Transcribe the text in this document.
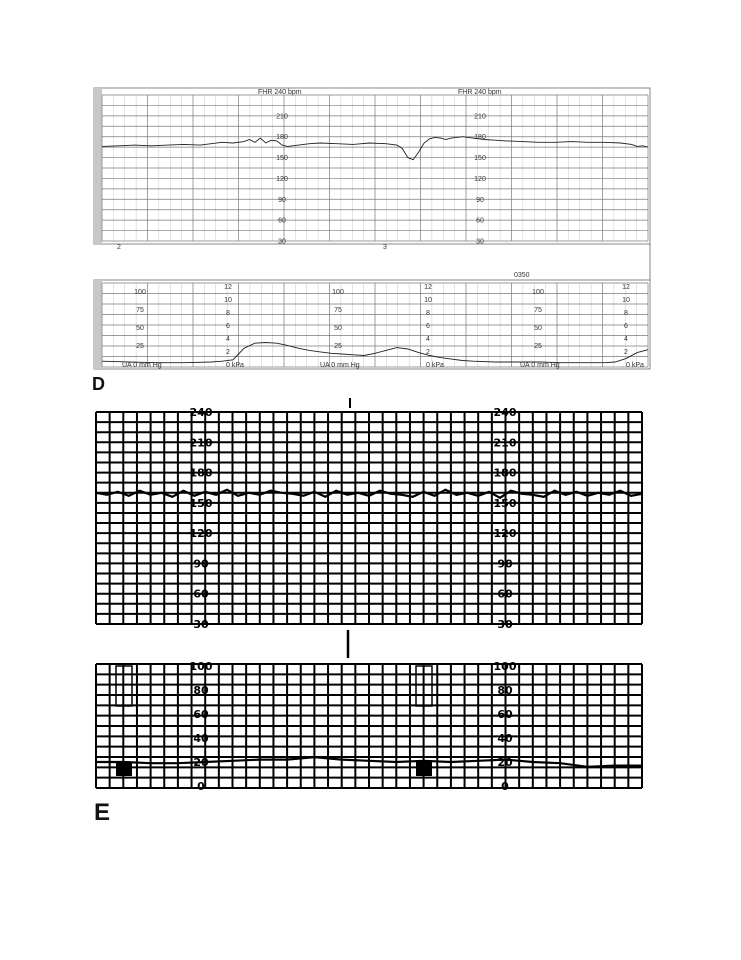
FHR 240 bpm	FHR 240 bpm
210
180
150
120
90
60
30
210
180
150
120
90
60
30
2	3
0350
100
75
50
25
100
75
50
25
100
75
50
25
12
10
8
6
4
2
12
10
8
6
4
2
12
10
8
6
4
2
UA 0 mm Hg	UA 0 mm Hg	UA 0 mm Hg
0 kPa	0 kPa	0 kPa
D
240
210
180
150
120
90
60
30
240
210
180
150
120
90
60
30
100
80
60
40
20
0
100
80
60
40
20
0
E
